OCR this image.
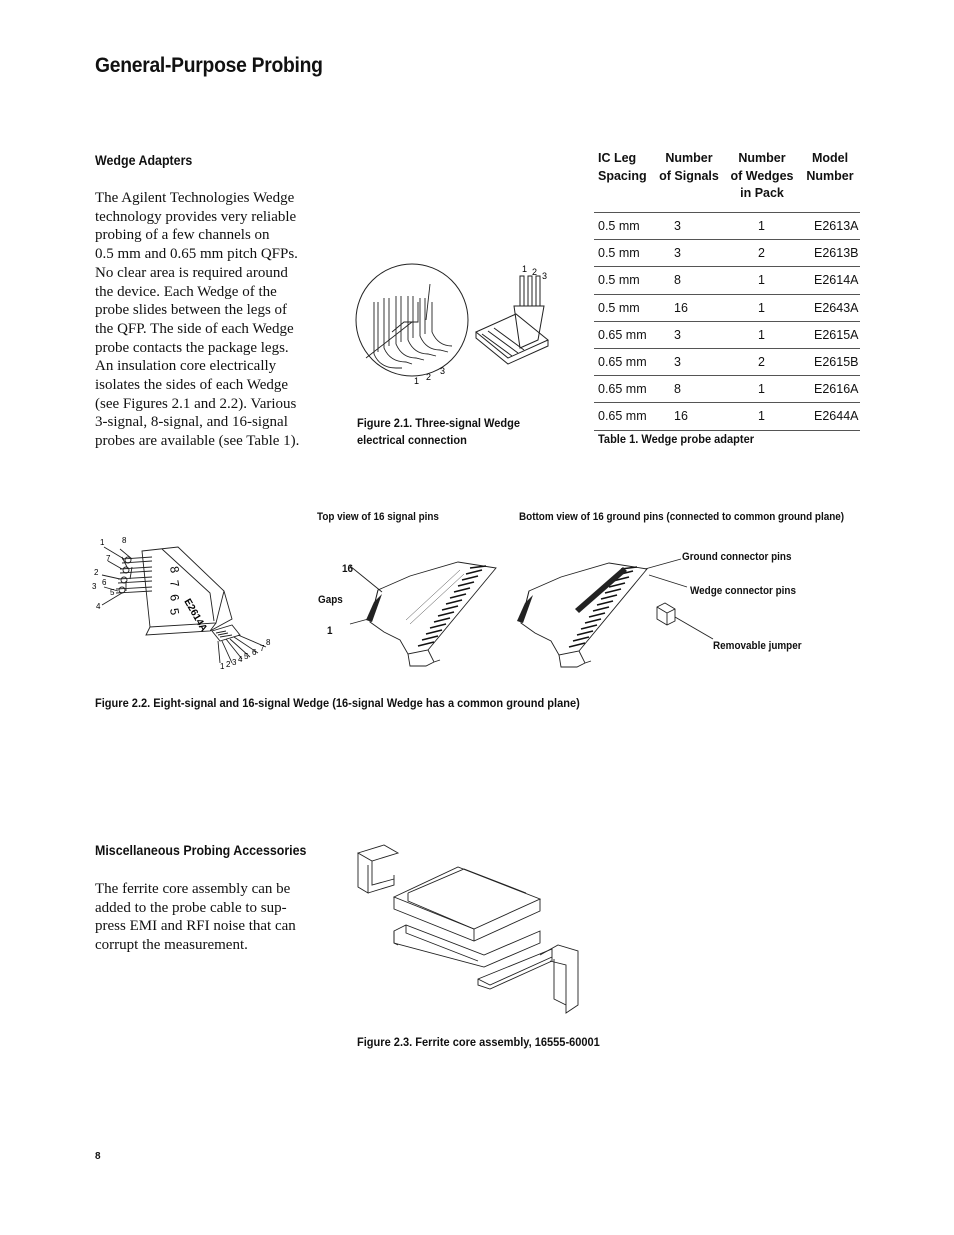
General-Purpose Probing
Wedge Adapters
The Agilent Technologies Wedge
technology provides very reliable
probing of a few channels on
0.5 mm and 0.65 mm pitch QFPs.
No clear area is required around
the device. Each Wedge of the
probe slides between the legs of
the QFP. The side of each Wedge
probe contacts the package legs.
An insulation core electrically
isolates the sides of each Wedge
(see Figures 2.1 and 2.2). Various
3-signal, 8-signal, and 16-signal
probes are available (see Table 1).
1 2 3
1 2
3
Figure 2.1. Three-signal Wedge
electrical connection
IC Leg
Spacing	Number
of Signals	Number
of Wedges
in Pack	Model
Number
0.5 mm	3	1	E2613A
0.5 mm	3	2	E2613B
0.5 mm	8	1	E2614A
0.5 mm	16	1	E2643A
0.65 mm	3	1	E2615A
0.65 mm	3	2	E2615B
0.65 mm	8	1	E2616A
0.65 mm	16	1	E2644A
Table 1. Wedge probe adapter
Top view of 16 signal pins	Bottom view of 16 ground pins (connected to common ground plane)
16
Gaps
1
Ground connector pins
Wedge connector pins
Removable jumper
8
7
6
5 E2614A
1 8
7
2
6
3
5
4
1 2 3 4 5 6 7
8
Figure 2.2. Eight-signal and 16-signal Wedge (16-signal Wedge has a common ground plane)
Miscellaneous Probing Accessories
The ferrite core assembly can be
added to the probe cable to sup-
press EMI and RFI noise that can
corrupt the measurement.
Figure 2.3. Ferrite core assembly, 16555-60001
8
